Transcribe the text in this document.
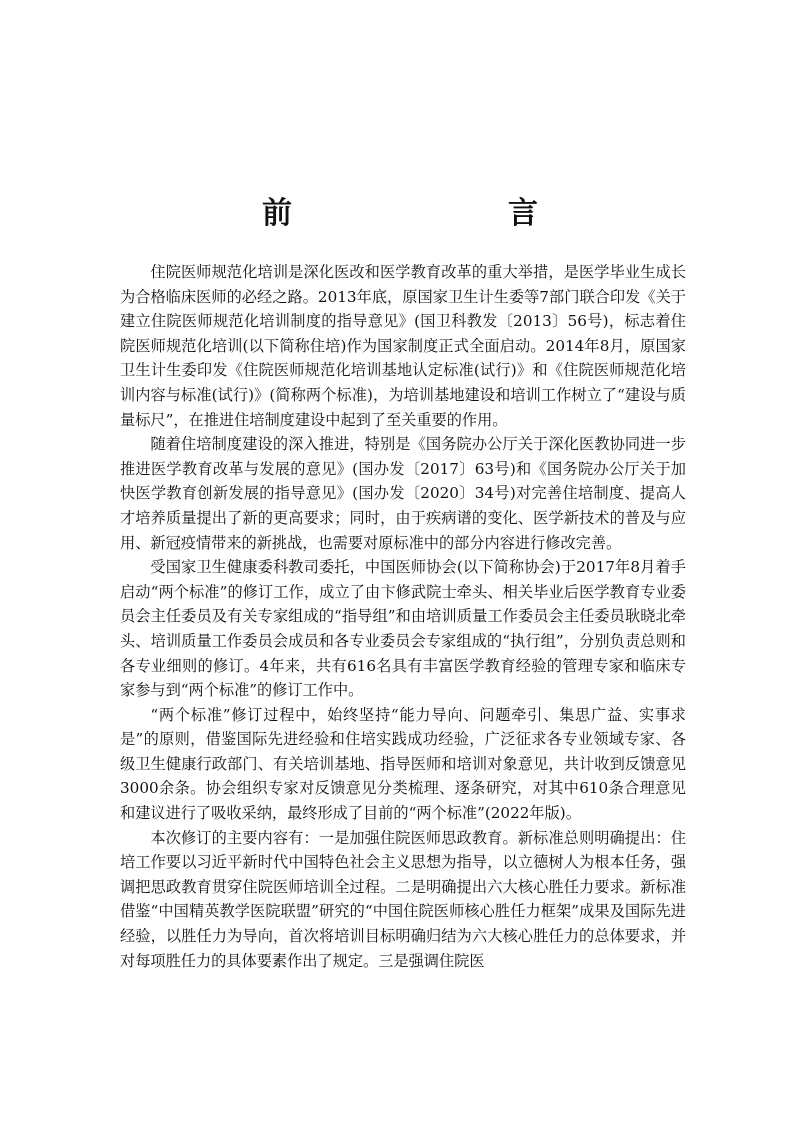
前　　言

住院医师规范化培训是深化医改和医学教育改革的重大举措，是医学毕业生成长为合格临床医师的必经之路。2013年底，原国家卫生计生委等7部门联合印发《关于建立住院医师规范化培训制度的指导意见》(国卫科教发〔2013〕56号)，标志着住院医师规范化培训(以下简称住培)作为国家制度正式全面启动。2014年8月，原国家卫生计生委印发《住院医师规范化培训基地认定标准(试行)》和《住院医师规范化培训内容与标准(试行)》(简称两个标准)，为培训基地建设和培训工作树立了“建设与质量标尺”，在推进住培制度建设中起到了至关重要的作用。

随着住培制度建设的深入推进，特别是《国务院办公厅关于深化医教协同进一步推进医学教育改革与发展的意见》(国办发〔2017〕63号)和《国务院办公厅关于加快医学教育创新发展的指导意见》(国办发〔2020〕34号)对完善住培制度、提高人才培养质量提出了新的更高要求；同时，由于疾病谱的变化、医学新技术的普及与应用、新冠疫情带来的新挑战，也需要对原标准中的部分内容进行修改完善。

受国家卫生健康委科教司委托，中国医师协会(以下简称协会)于2017年8月着手启动“两个标准”的修订工作，成立了由卞修武院士牵头、相关毕业后医学教育专业委员会主任委员及有关专家组成的“指导组”和由培训质量工作委员会主任委员耿晓北牵头、培训质量工作委员会成员和各专业委员会专家组成的“执行组”，分别负责总则和各专业细则的修订。4年来，共有616名具有丰富医学教育经验的管理专家和临床专家参与到“两个标准”的修订工作中。

“两个标准”修订过程中，始终坚持“能力导向、问题牵引、集思广益、实事求是”的原则，借鉴国际先进经验和住培实践成功经验，广泛征求各专业领域专家、各级卫生健康行政部门、有关培训基地、指导医师和培训对象意见，共计收到反馈意见3000余条。协会组织专家对反馈意见分类梳理、逐条研究，对其中610条合理意见和建议进行了吸收采纳，最终形成了目前的“两个标准”(2022年版)。

本次修订的主要内容有：一是加强住院医师思政教育。新标准总则明确提出：住培工作要以习近平新时代中国特色社会主义思想为指导，以立德树人为根本任务，强调把思政教育贯穿住院医师培训全过程。二是明确提出六大核心胜任力要求。新标准借鉴“中国精英教学医院联盟”研究的“中国住院医师核心胜任力框架”成果及国际先进经验，以胜任力为导向，首次将培训目标明确归结为六大核心胜任力的总体要求，并对每项胜任力的具体要素作出了规定。三是强调住院医
